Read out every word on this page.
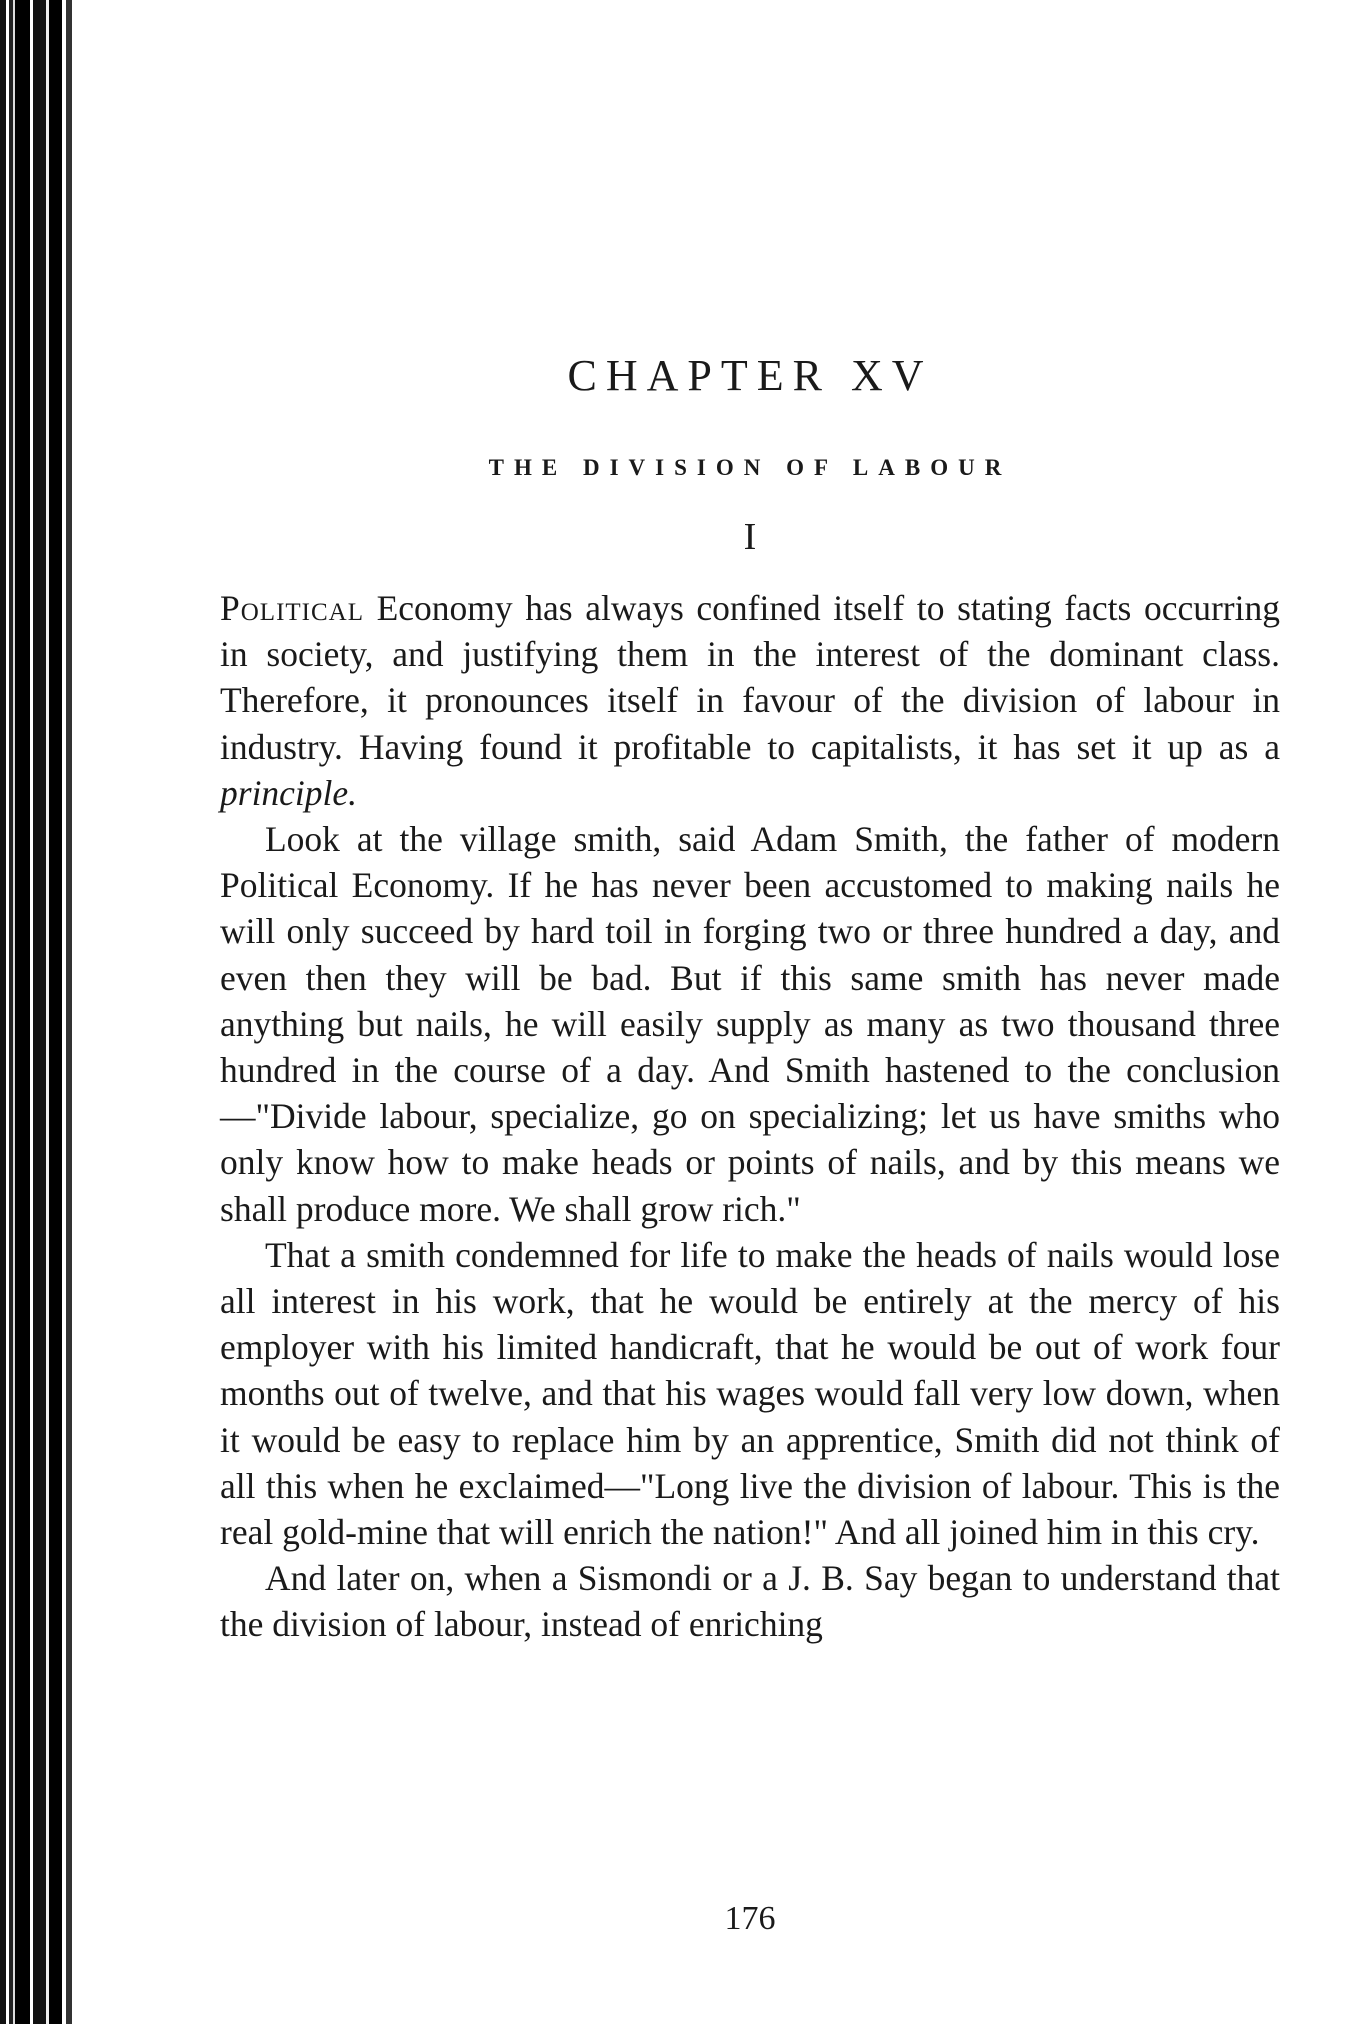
CHAPTER XV
THE DIVISION OF LABOUR
I

Political Economy has always confined itself to stating facts occurring in society, and justifying them in the interest of the dominant class. Therefore, it pronounces itself in favour of the division of labour in industry. Having found it profitable to capitalists, it has set it up as a principle.

Look at the village smith, said Adam Smith, the father of modern Political Economy. If he has never been accustomed to making nails he will only succeed by hard toil in forging two or three hundred a day, and even then they will be bad. But if this same smith has never made anything but nails, he will easily supply as many as two thousand three hundred in the course of a day. And Smith hastened to the conclusion—"Divide labour, specialize, go on specializing; let us have smiths who only know how to make heads or points of nails, and by this means we shall produce more. We shall grow rich."

That a smith condemned for life to make the heads of nails would lose all interest in his work, that he would be entirely at the mercy of his employer with his limited handicraft, that he would be out of work four months out of twelve, and that his wages would fall very low down, when it would be easy to replace him by an apprentice, Smith did not think of all this when he exclaimed—"Long live the division of labour. This is the real gold-mine that will enrich the nation!" And all joined him in this cry.

And later on, when a Sismondi or a J. B. Say began to understand that the division of labour, instead of enriching

176
